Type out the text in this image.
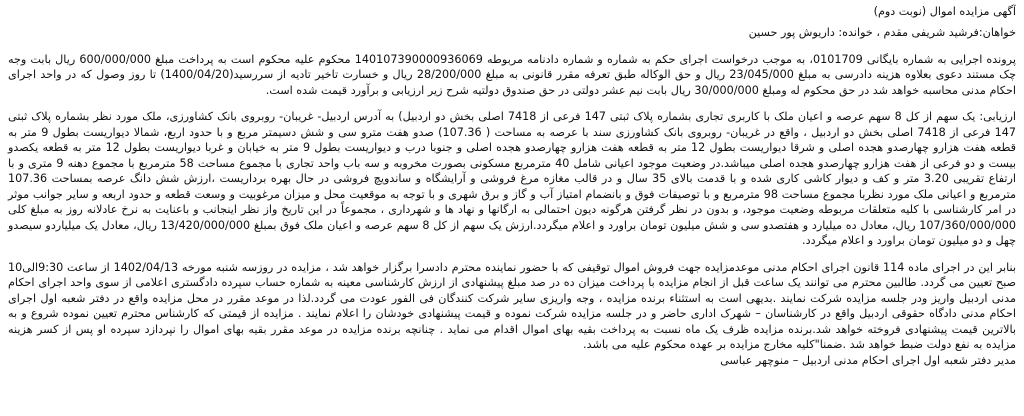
آگهی مزایده اموال (نوبت دوم)
خواهان:فرشید شریفی مقدم ، خوانده: داریوش پور حسین

پرونده اجرایی به شماره بایگانی 0101709، به موجب درخواست اجرای حکم به شماره و شماره دادنامه مربوطه 140107390000936069 محکوم علیه محکوم است به پرداخت مبلغ 600/000/000 ریال بابت وجه چک مستند دعوی بعلاوه هزینه دادرسی به مبلغ 23/045/000 ریال و حق الوکاله طبق تعرفه مقرر قانونی به مبلغ 28/200/000 ریال و خسارت تاخیر تادیه از سررسید(1400/04/20) تا روز وصول که در واحد اجرای احکام مدنی محاسبه خواهد شد در حق محکوم له ومبلغ 30/000/000 ریال بابت نیم عشر دولتی در حق صندوق دولتیه شرح زیر ارزیابی و برآورد قیمت شده است.

ارزیابی: یک سهم از کل 8 سهم عرصه و اعیان ملک با کاربری تجاری بشماره پلاک ثبتی 147 فرعی از 7418 اصلی بخش دو اردبیل) به آدرس اردبیل- غریبان- روبروی بانک کشاورزی، ملک مورد نظر بشماره پلاک ثبتی 147 فرعی از 7418 اصلی بخش دو اردبیل ، واقع در غریبان- روبروی بانک کشاورزی سند با عرصه به مساحت ( 107.36) صدو هفت مترو سی و شش دسیمتر مربع و با حدود اربع، شمالا دیواریست بطول 9 متر به قطعه هفت هزارو چهارصدو هجده اصلی و شرقا دیواریست بطول 12 متر به قطعه هفت هزارو چهارصدو هجده اصلی و جنوبا درب و دیواریست بطول 9 متر به خیابان و غربا دیواریست بطول 12 متر به قطعه یکصدو بیست و دو فرعی از هفت هزارو چهارصدو هجده اصلی میباشد.در وضعیت موجود اعیانی شامل 40 مترمربع مسکونی بصورت مخروبه و سه باب واحد تجاری با مجموع مساحت 58 مترمربع با مجموع دهنه 9 متری و با ارتفاع تقریبی 3.20 متر و کف و دیوار کاشی کاری شده و با قدمت بالای 35 سال و در قالب مغازه مرغ فروشی و آرایشگاه و ساندویچ فروشی در حال بهره برداریست ،ارزش شش دانگ عرصه بمساحت 107.36 مترمربع و اعیانی ملک مورد نظربا مجموع مساحت 98 مترمربع و با توصیفات فوق و بانضمام امتیاز آب و گاز و برق شهری و با توجه به موقعیت محل و میزان مرغوبیت و وسعت قطعه و حدود اربعه و سایر جوانب موثر در امر کارشناسی با کلیه متعلقات مربوطه وضعیت موجود، و بدون در نظر گرفتن هرگونه دیون احتمالی به ارگانها و نهاد ها و شهرداری ، مجموعاً در این تاریخ واز نظر اینجانب و باعنایت به نرخ عادلانه روز به مبلغ کلی 107/360/000/000 ریال، معادل ده میلیارد و هفتصدو سی و شش میلیون تومان براورد و اعلام میگردد.ارزش یک سهم از کل 8 سهم عرصه و اعیان ملک فوق بمبلغ 13/420/000/000 ریال، معادل یک میلیاردو سیصدو چهل و دو میلیون تومان براورد و اعلام میگردد.

بنابر این در اجرای ماده 114 قانون اجرای احکام مدنی موعدمزایده جهت فروش اموال توقیفی که با حضور نماینده محترم دادسرا برگزار خواهد شد ، مزایده در روزسه شنبه مورخه 1402/04/13 از ساعت 9:30الی10 صبح تعیین می گردد. طالبین محترم می توانند یک ساعت قبل از انجام مزایده با پرداخت میزان ده در صد مبلغ پیشنهادی از ارزش کارشناسی معینه به شماره حساب سپرده دادگستری اعلامی از سوی واحد اجرای احکام مدنی اردبیل واریز ودر جلسه مزایده شرکت نمایند .بدیهی است به استثناء برنده مزایده ، وجه واریزی سایر شرکت کنندگان فی الفور عودت می گردد.لذا در موعد مقرر در محل مزایده واقع در دفتر شعبه اول اجرای احکام مدنی دادگاه حقوقی اردبیل واقع در کارشناسان – شهرک اداری حاضر و در جلسه مزایده شرکت نموده و قیمت پیشنهادی خودشان را اعلام نمایند . مزایده از قیمتی که کارشناس محترم تعیین نموده شروع و به بالاترین قیمت پیشنهادی فروخته خواهد شد.برنده مزایده ظرف یک ماه نسبت به پرداخت بقیه بهای اموال اقدام می نماید . چنانچه برنده مزایده در موعد مقرر بقیه بهای اموال را نپردازد سپرده او پس از کسر هزینه مزایده به نفع دولت ضبط خواهد شد .ضمنا"کلیه مخارج مزایده بر عهده محکوم علیه می باشد.

مدیر دفتر شعبه اول اجرای احکام مدنی اردبیل – منوچهر عباسی
